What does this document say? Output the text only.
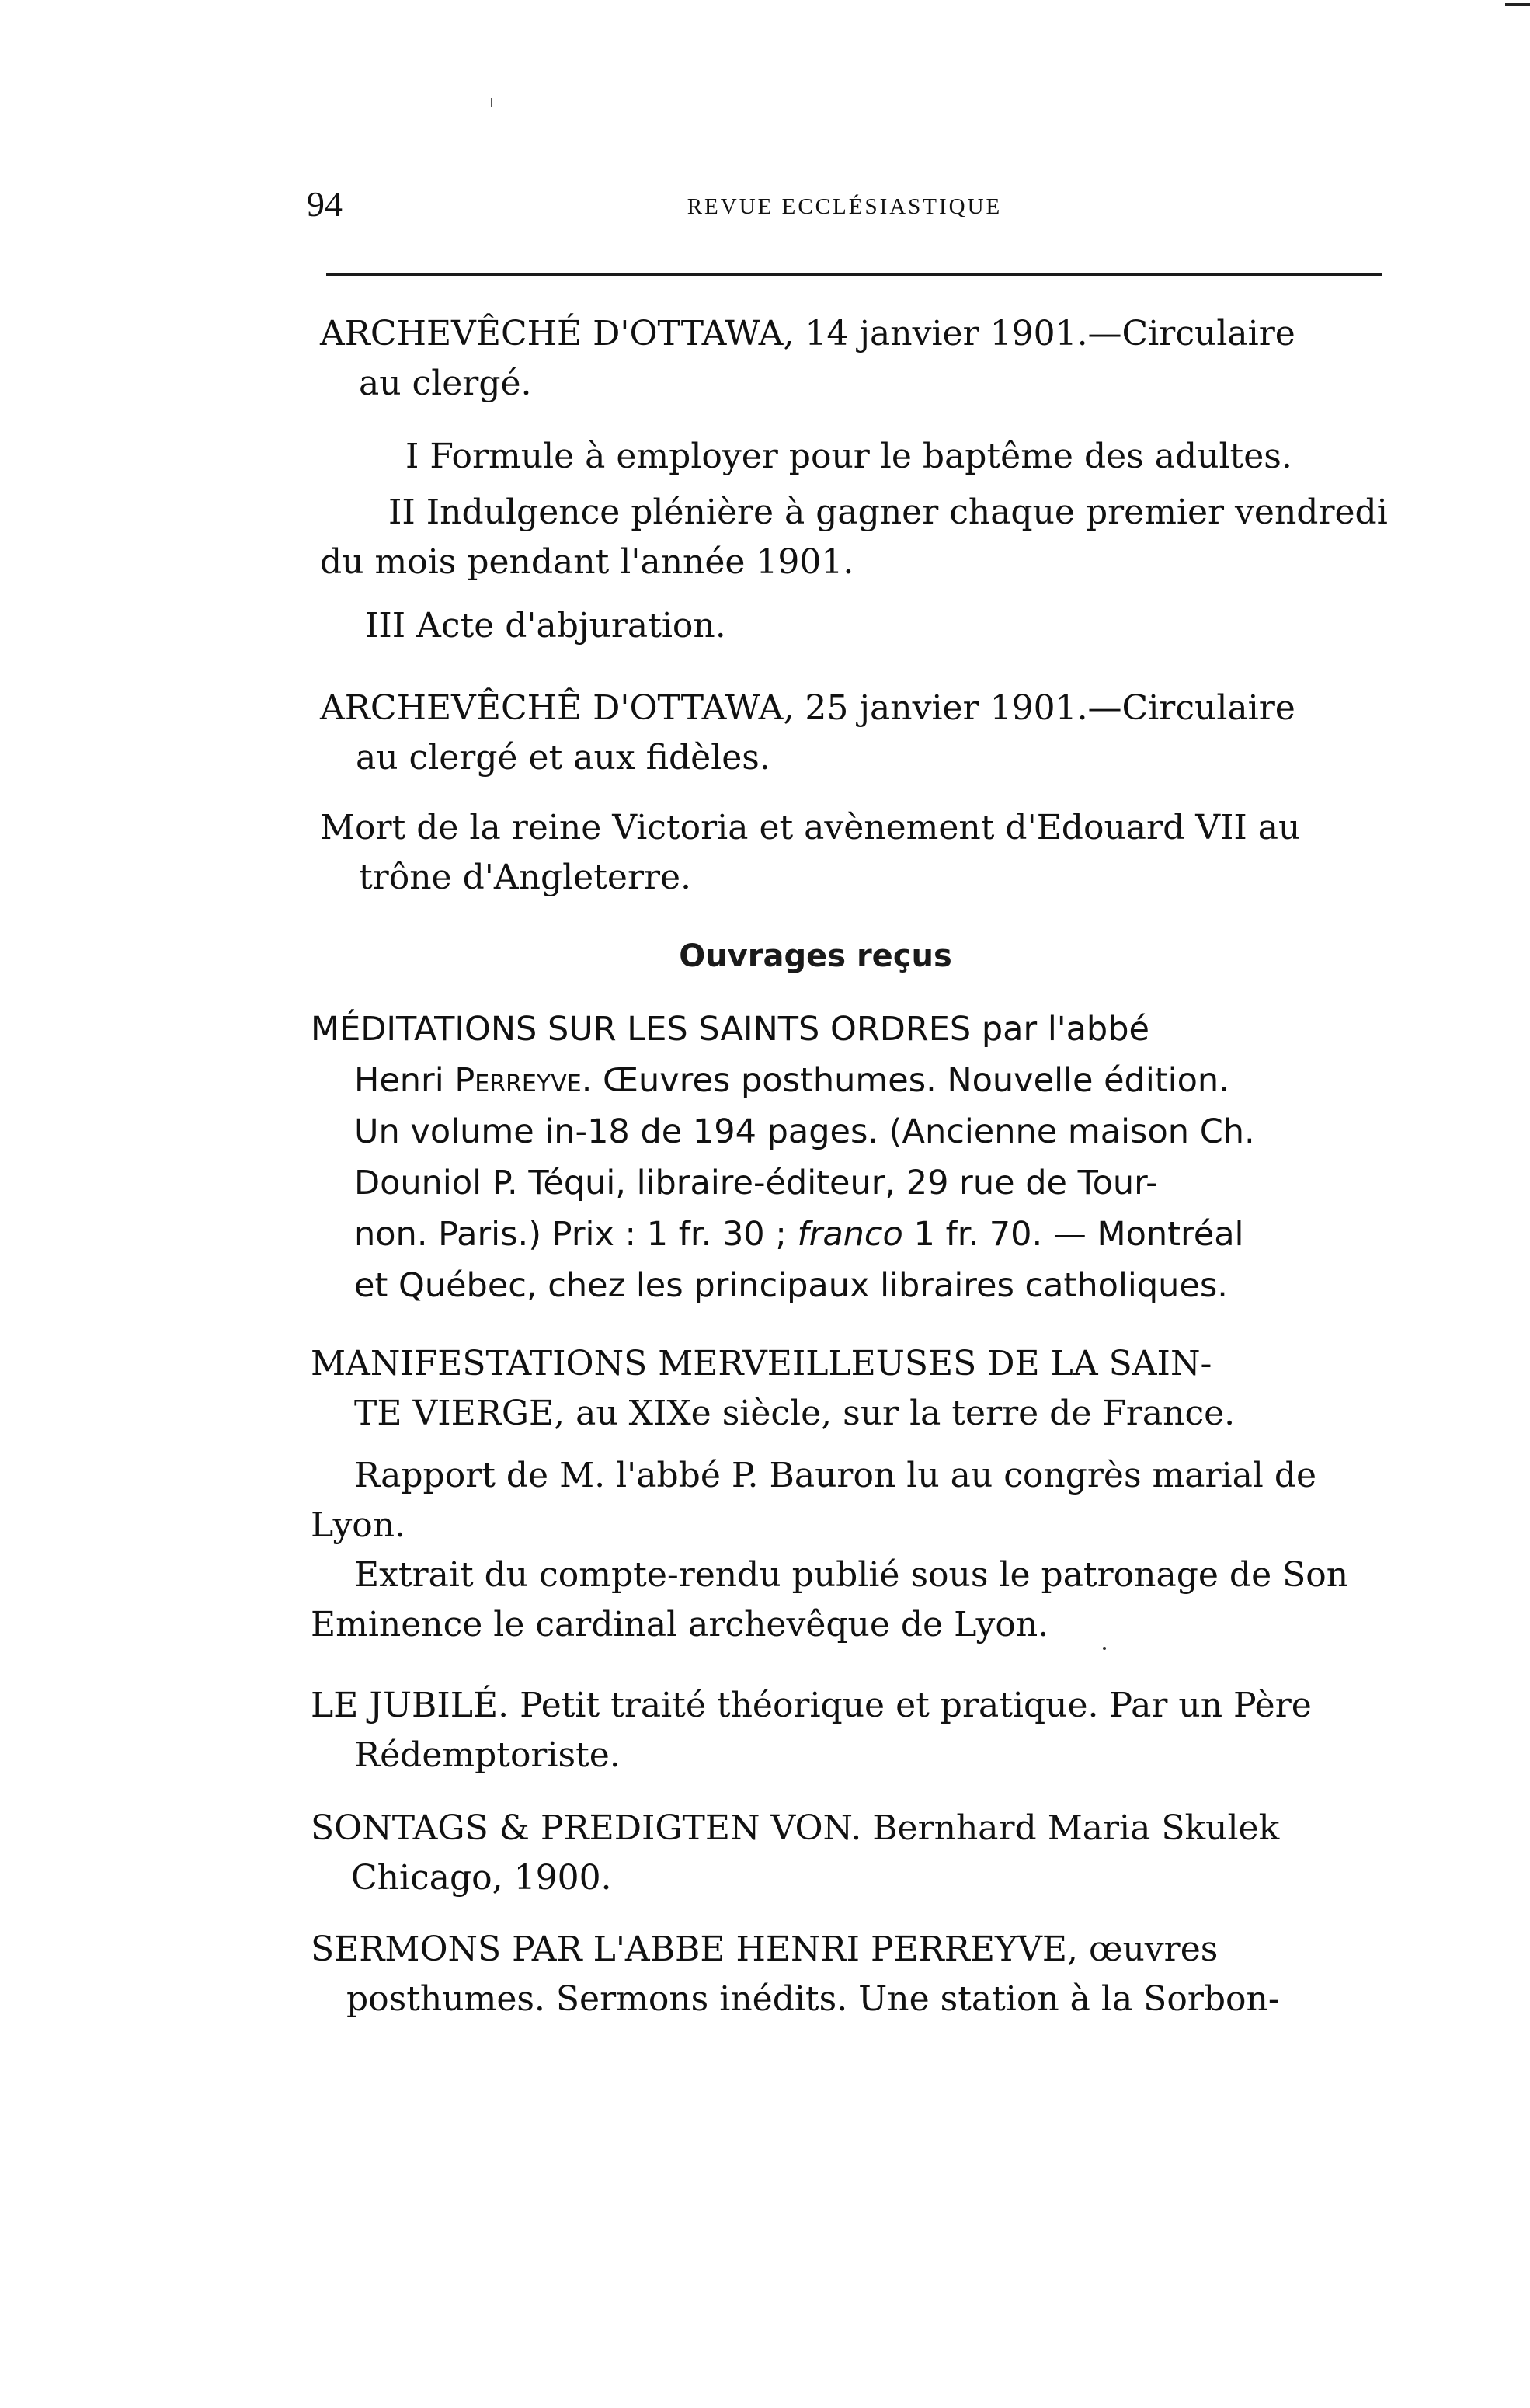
94	REVUE ECCLÉSIASTIQUE
ARCHEVÊCHÉ D'OTTAWA, 14 janvier 1901.—Circulaire
au clergé.
I Formule à employer pour le baptême des adultes.
II Indulgence plénière à gagner chaque premier vendredi
du mois pendant l'année 1901.
III Acte d'abjuration.
ARCHEVÊCHÊ D'OTTAWA, 25 janvier 1901.—Circulaire
au clergé et aux fidèles.
Mort de la reine Victoria et avènement d'Edouard VII au
trône d'Angleterre.
Ouvrages reçus
MÉDITATIONS SUR LES SAINTS ORDRES par l'abbé
Henri Perreyve. Œuvres posthumes. Nouvelle édition.
Un volume in-18 de 194 pages. (Ancienne maison Ch.
Douniol P. Téqui, libraire-éditeur, 29 rue de Tour-
non. Paris.) Prix : 1 fr. 30 ; franco 1 fr. 70. — Montréal
et Québec, chez les principaux libraires catholiques.
MANIFESTATIONS MERVEILLEUSES DE LA SAIN-
TE VIERGE, au XIXe siècle, sur la terre de France.
Rapport de M. l'abbé P. Bauron lu au congrès marial de
Lyon.
Extrait du compte-rendu publié sous le patronage de Son
Eminence le cardinal archevêque de Lyon.
LE JUBILÉ. Petit traité théorique et pratique. Par un Père
Rédemptoriste.
SONTAGS & PREDIGTEN VON. Bernhard Maria Skulek
Chicago, 1900.
SERMONS PAR L'ABBE HENRI PERREYVE, œuvres
posthumes. Sermons inédits. Une station à la Sorbon-
